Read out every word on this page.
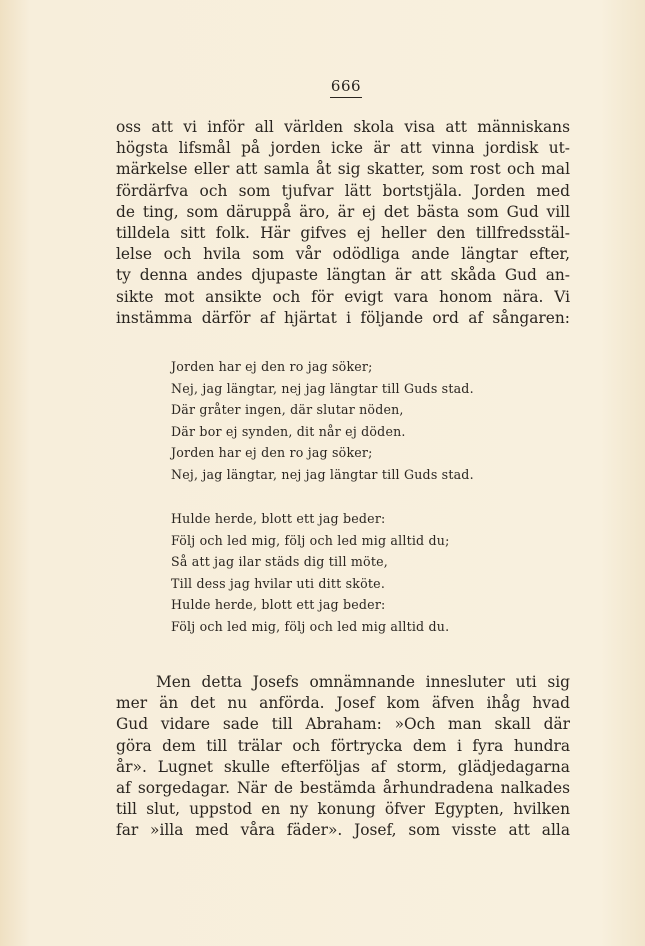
666
oss att vi inför all världen skola visa att människans
högsta lifsmål på jorden icke är att vinna jordisk ut-
märkelse eller att samla åt sig skatter, som rost och mal
fördärfva och som tjufvar lätt bortstjäla. Jorden med
de ting, som däruppå äro, är ej det bästa som Gud vill
tilldela sitt folk. Här gifves ej heller den tillfredsstäl-
lelse och hvila som vår odödliga ande längtar efter,
ty denna andes djupaste längtan är att skåda Gud an-
sikte mot ansikte och för evigt vara honom nära. Vi
instämma därför af hjärtat i följande ord af sångaren:
Jorden har ej den ro jag söker;
Nej, jag längtar, nej jag längtar till Guds stad.
Där gråter ingen, där slutar nöden,
Där bor ej synden, dit når ej döden.
Jorden har ej den ro jag söker;
Nej, jag längtar, nej jag längtar till Guds stad.
Hulde herde, blott ett jag beder:
Följ och led mig, följ och led mig alltid du;
Så att jag ilar städs dig till möte,
Till dess jag hvilar uti ditt sköte.
Hulde herde, blott ett jag beder:
Följ och led mig, följ och led mig alltid du.
Men detta Josefs omnämnande innesluter uti sig
mer än det nu anförda. Josef kom äfven ihåg hvad
Gud vidare sade till Abraham: »Och man skall där
göra dem till trälar och förtrycka dem i fyra hundra
år». Lugnet skulle efterföljas af storm, glädjedagarna
af sorgedagar. När de bestämda århundradena nalkades
till slut, uppstod en ny konung öfver Egypten, hvilken
far »illa med våra fäder». Josef, som visste att alla
